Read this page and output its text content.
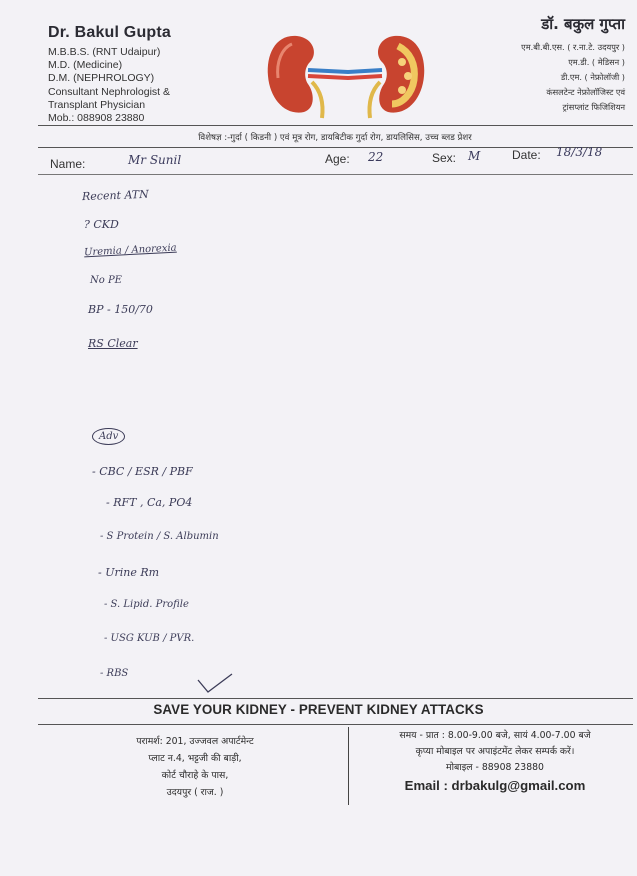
Dr. Bakul Gupta
M.B.B.S. (RNT Udaipur)
M.D. (Medicine)
D.M. (NEPHROLOGY)
Consultant Nephrologist &
Transplant Physician
Mob.: 088908 23880
डॉ. बकुल गुप्ता
एम.बी.बी.एस. ( र.ना.टे. उदयपुर )
एम.डी. ( मेडिसन )
डी.एम. ( नेफ्रोलॉजी )
कंसलटेन्ट नेफ्रोलॉजिस्ट एवं
ट्रांसप्लांट फिजिशियन
विशेषज्ञ :-गुर्दा ( किडनी ) एवं मूत्र रोग, डायबिटीक गुर्दा रोग, डायलिसिस, उच्च ब्लड प्रेशर
Name:	Mr Sunil	Age: 22	Sex: M	Date: 18/3/18
Recent ATN
? CKD
Uremia / Anorexia
No PE
BP - 150/70
RS Clear
Adv
- CBC / ESR / PBF
- RFT , Ca, PO4
- S Protein / S. Albumin
- Urine Rm
- S. Lipid. Profile
- USG KUB / PVR.
- RBS
SAVE YOUR KIDNEY - PREVENT KIDNEY ATTACKS
परामर्श: 201, उज्जवल अपार्टमेन्ट
प्लाट न.4, भट्टजी की बाड़ी,
कोर्ट चौराहे के पास,
उदयपुर ( राज. )
समय - प्रात : 8.00-9.00 बजे, सायं 4.00-7.00 बजे
कृप्या मोबाइल पर अपाइंटमेंट लेकर सम्पर्क करें।
मोबाइल - 88908 23880
Email : drbakulg@gmail.com
